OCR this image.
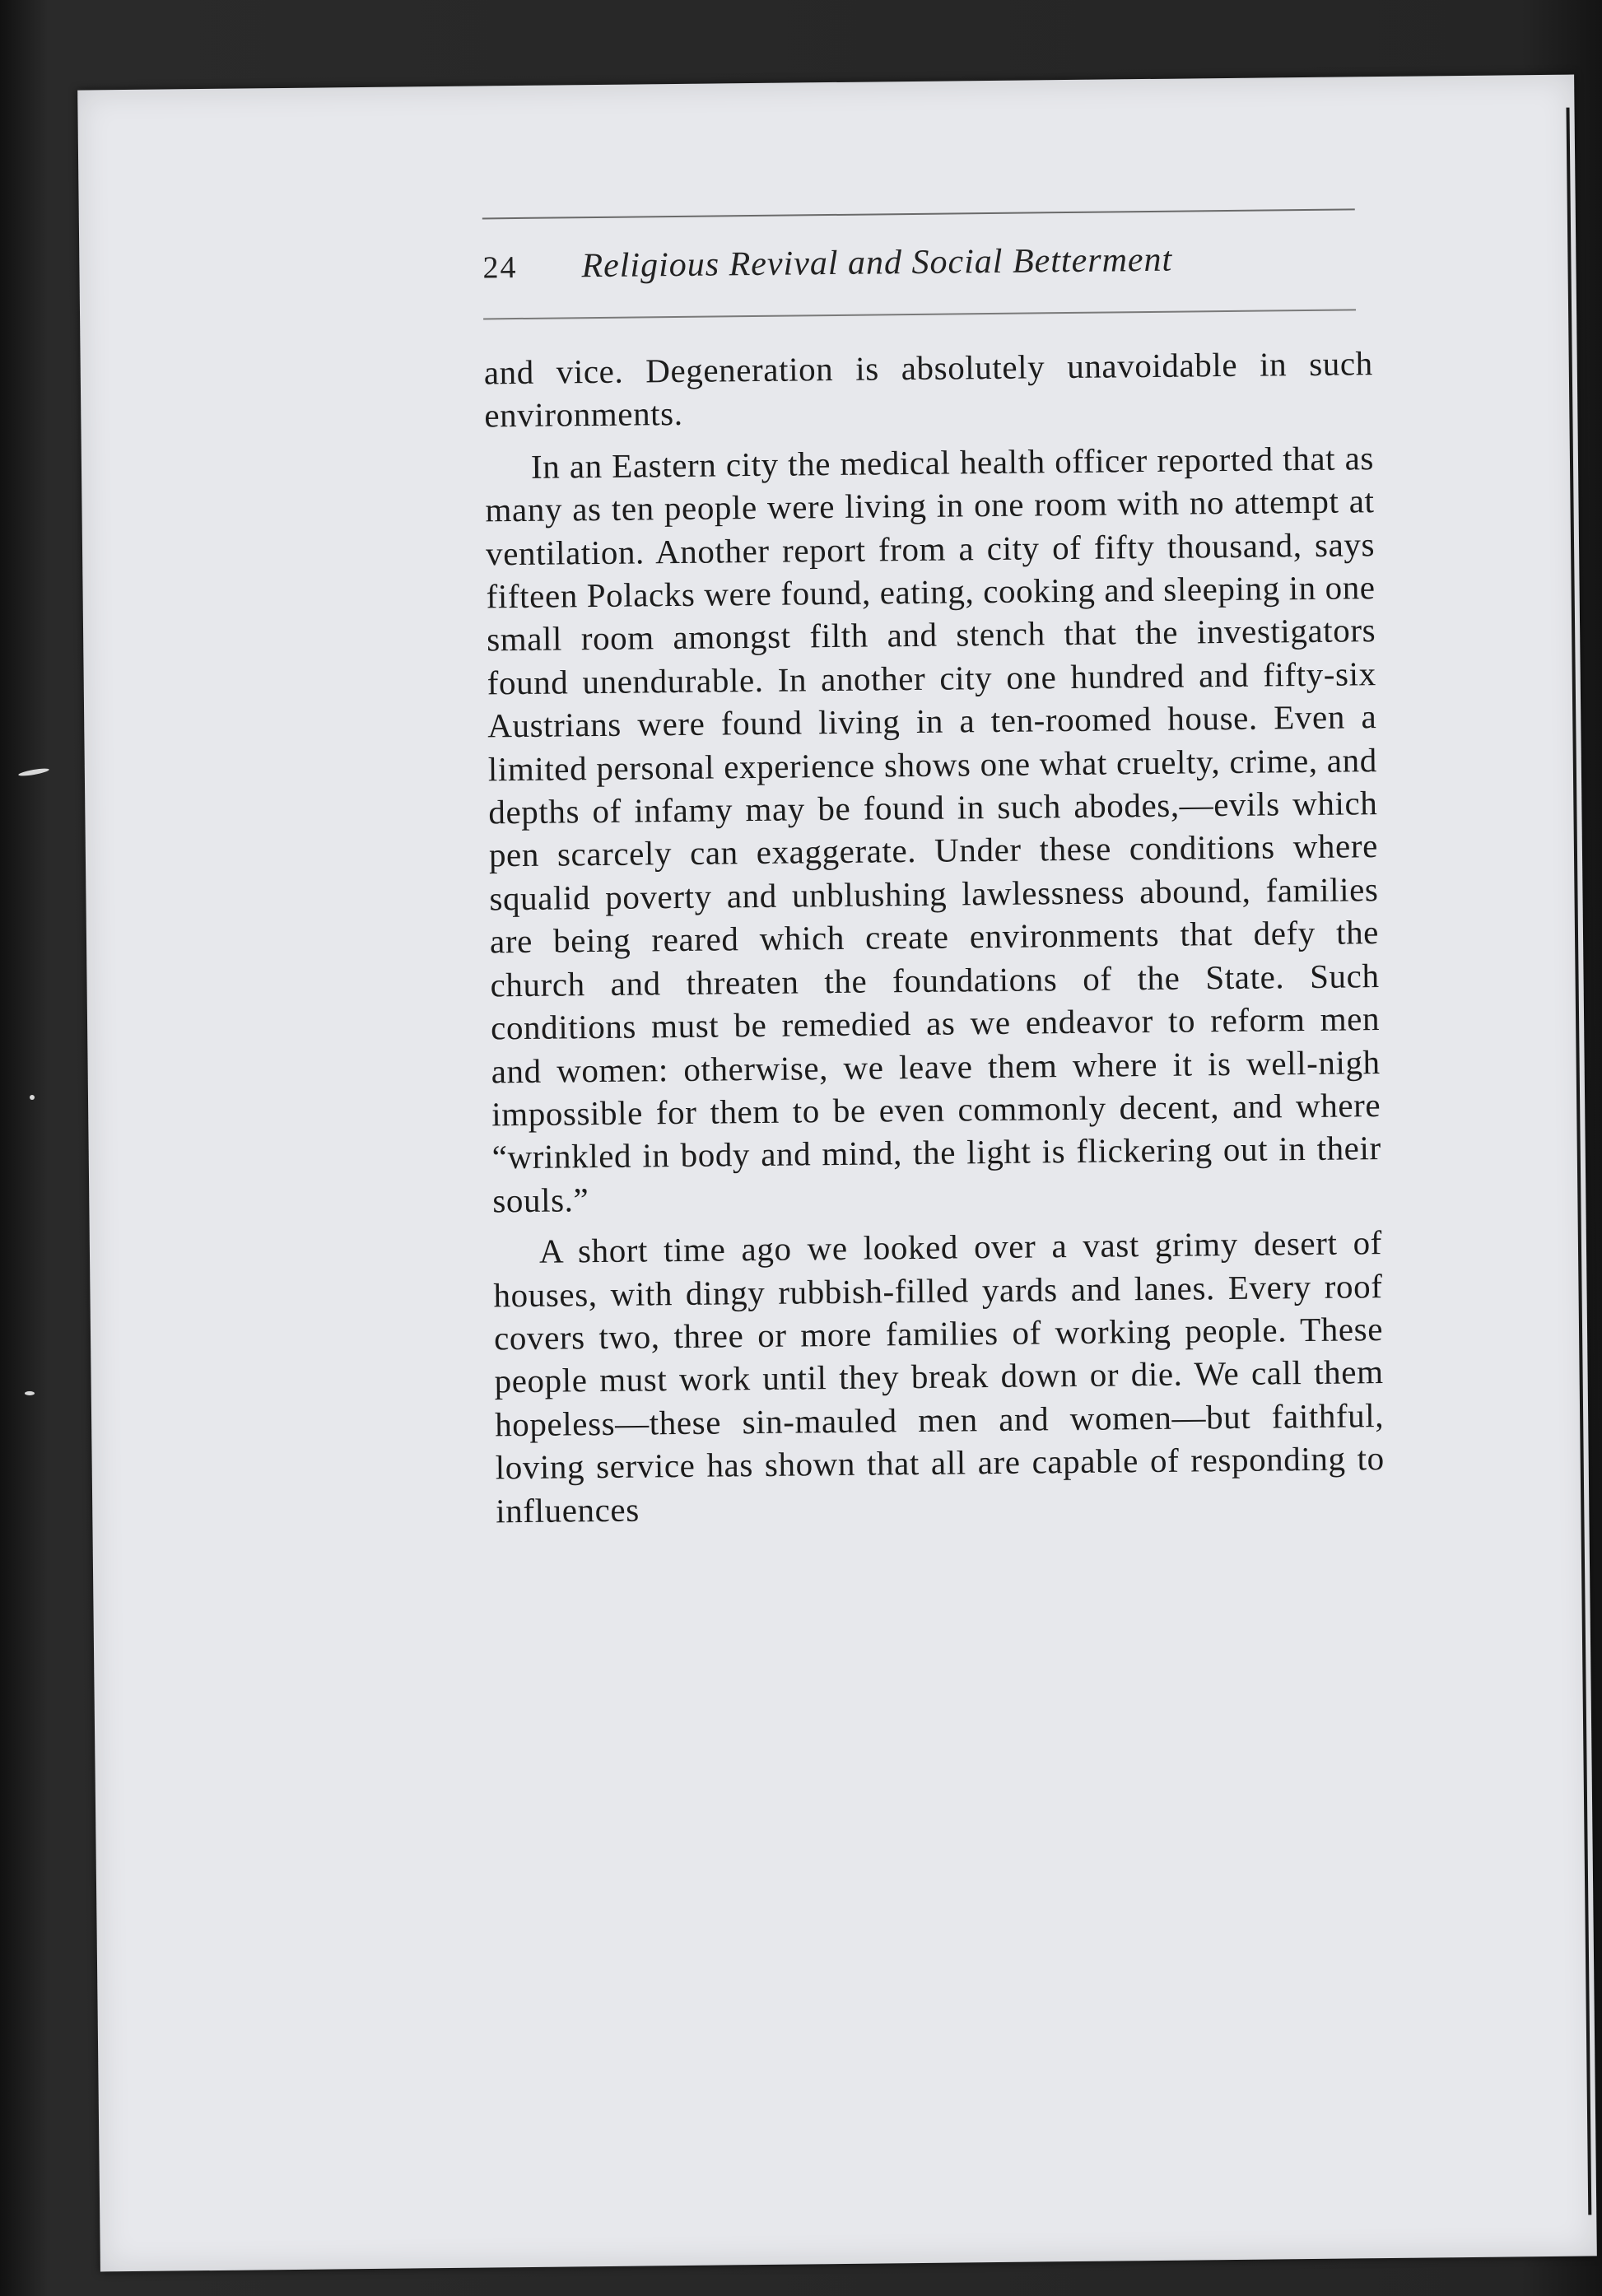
24	Religious Revival and Social Betterment

and vice. Degeneration is absolutely unavoidable in such environments.

In an Eastern city the medical health officer reported that as many as ten people were living in one room with no attempt at ventilation. Another report from a city of fifty thousand, says fifteen Polacks were found, eating, cooking and sleeping in one small room amongst filth and stench that the investigators found unendurable. In another city one hundred and fifty-six Austrians were found living in a ten-roomed house. Even a limited personal experience shows one what cruelty, crime, and depths of infamy may be found in such abodes,—evils which pen scarcely can exaggerate. Under these conditions where squalid poverty and unblushing lawlessness abound, families are being reared which create environments that defy the church and threaten the foundations of the State. Such conditions must be remedied as we endeavor to reform men and women: otherwise, we leave them where it is well-nigh impossible for them to be even commonly decent, and where “wrinkled in body and mind, the light is flickering out in their souls.”

A short time ago we looked over a vast grimy desert of houses, with dingy rubbish-filled yards and lanes. Every roof covers two, three or more families of working people. These people must work until they break down or die. We call them hopeless—these sin-mauled men and women—but faithful, loving service has shown that all are capable of responding to influences
